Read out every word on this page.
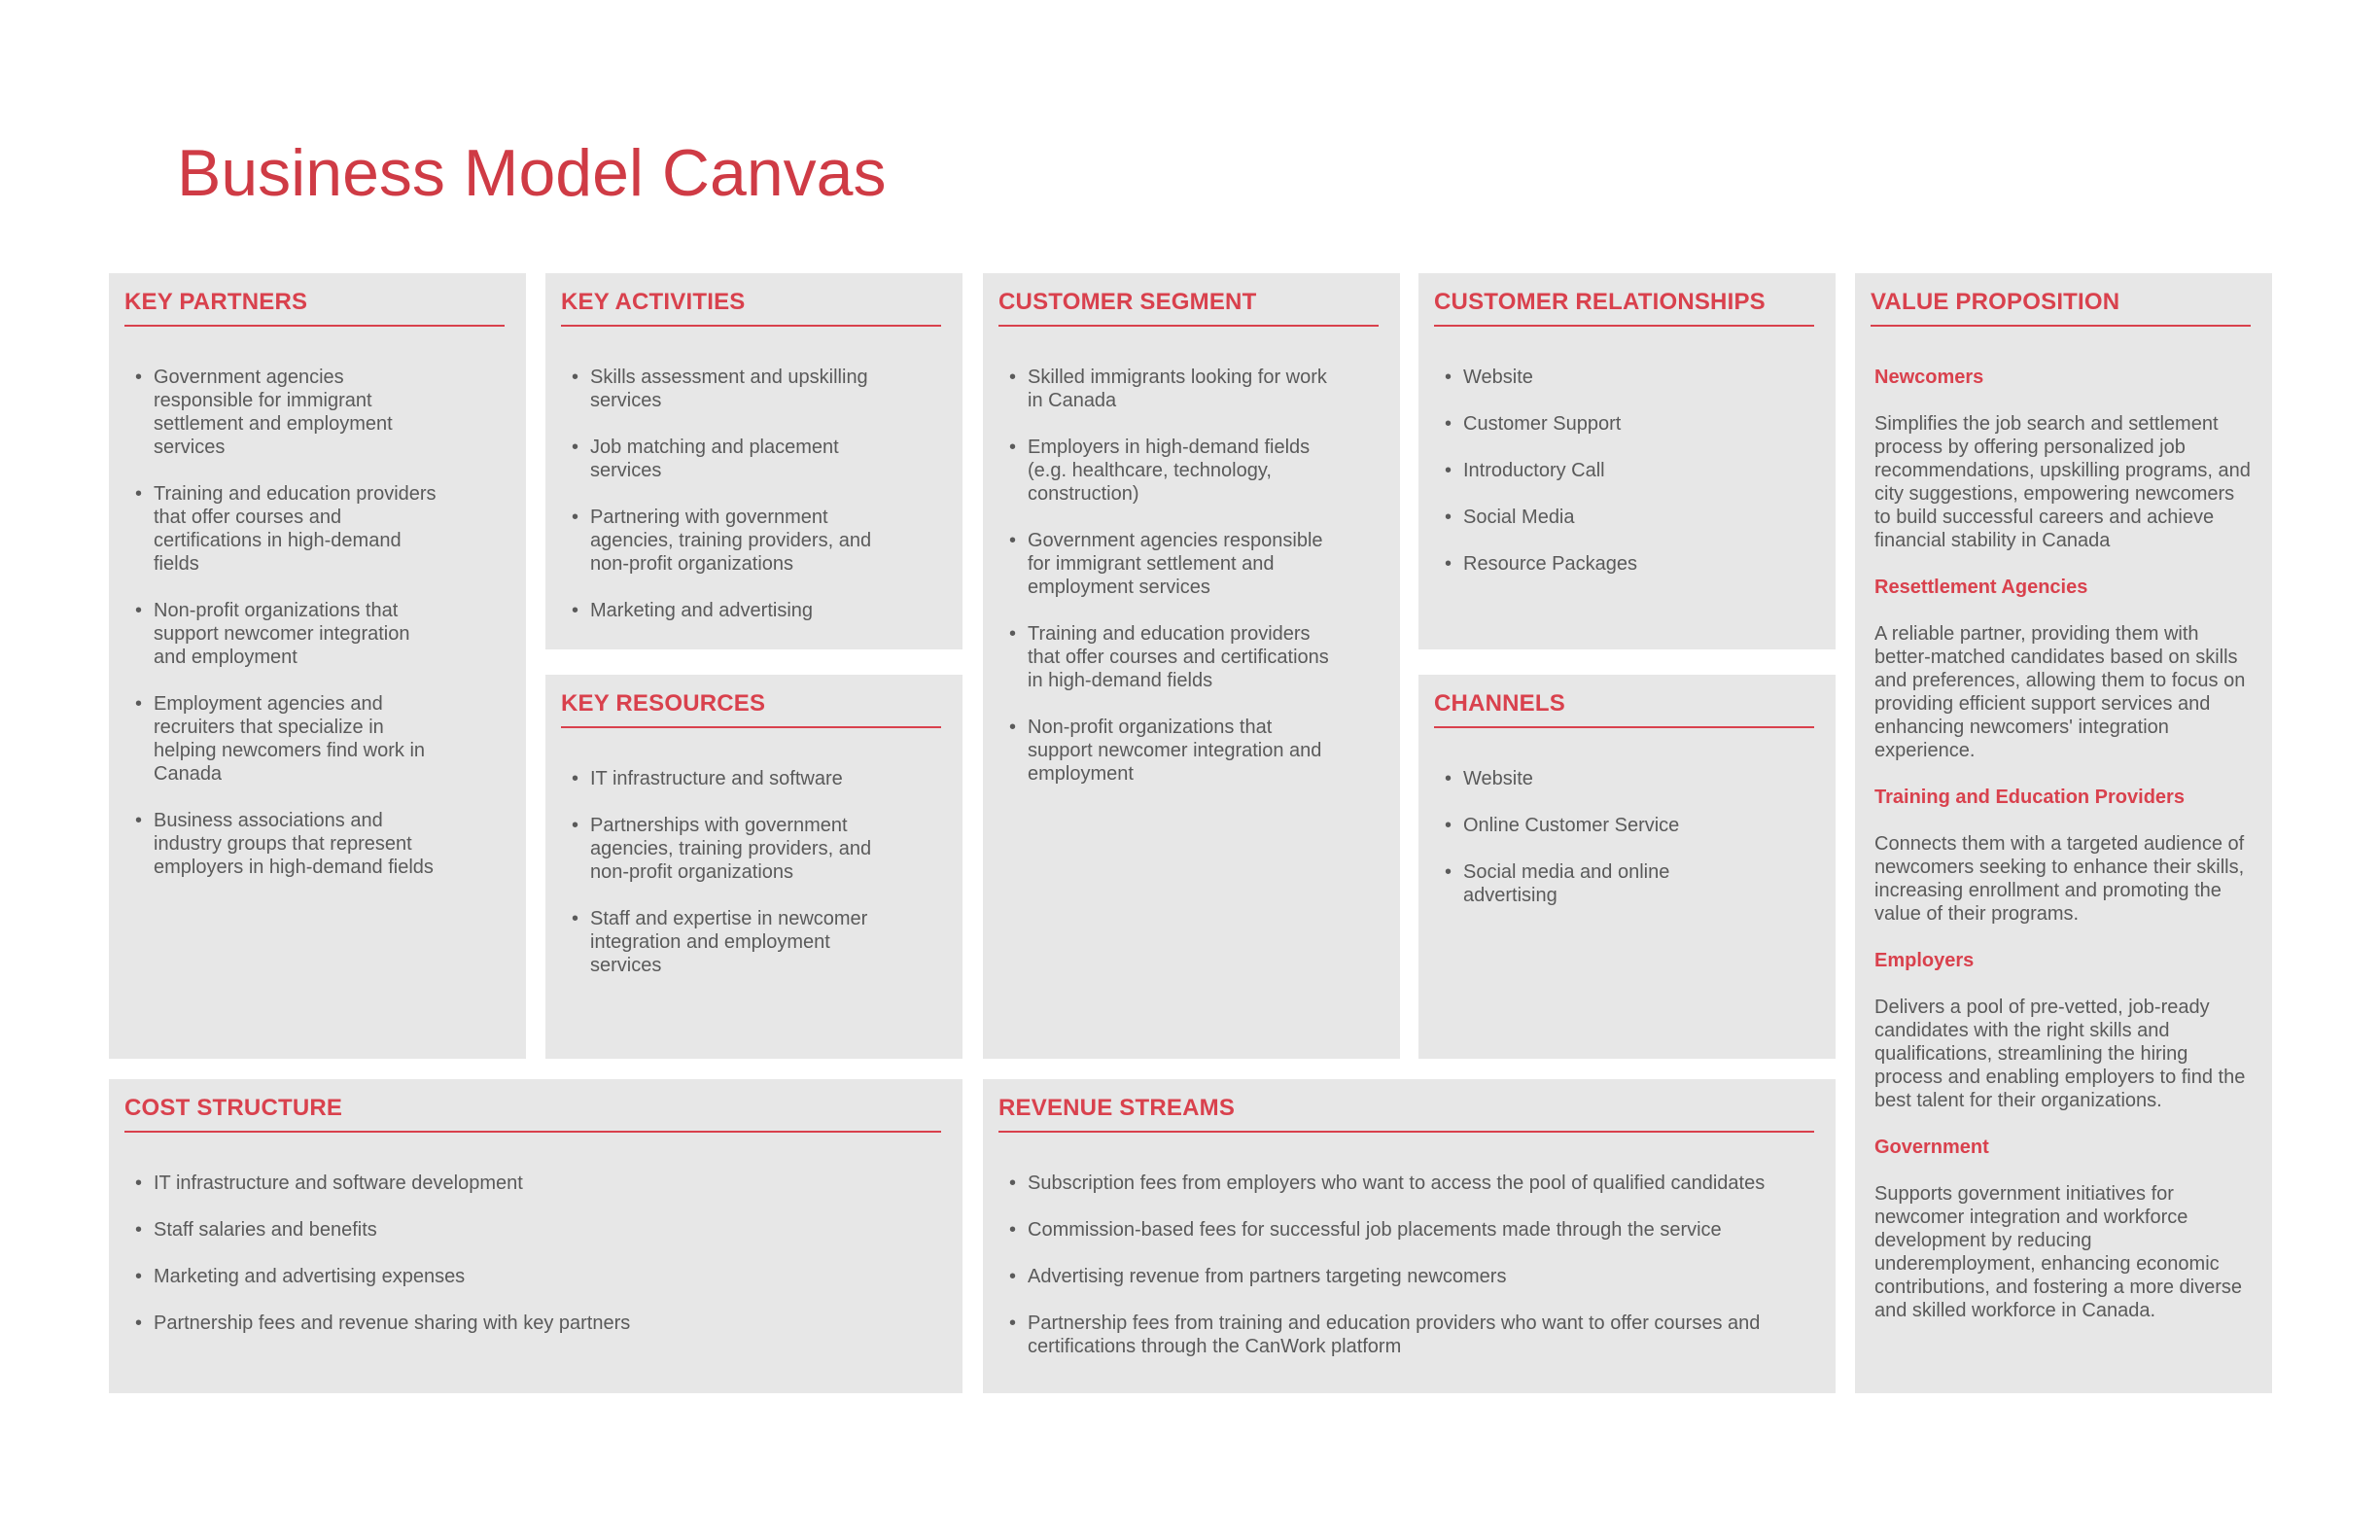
Business Model Canvas
KEY PARTNERS
• Government agencies responsible for immigrant settlement and employment services
• Training and education providers that offer courses and certifications in high-demand fields
• Non-profit organizations that support newcomer integration and employment
• Employment agencies and recruiters that specialize in helping newcomers find work in Canada
• Business associations and industry groups that represent employers in high-demand fields
KEY ACTIVITIES
• Skills assessment and upskilling services
• Job matching and placement services
• Partnering with government agencies, training providers, and non-profit organizations
• Marketing and advertising
KEY RESOURCES
• IT infrastructure and software
• Partnerships with government agencies, training providers, and non-profit organizations
• Staff and expertise in newcomer integration and employment services
CUSTOMER SEGMENT
• Skilled immigrants looking for work in Canada
• Employers in high-demand fields (e.g. healthcare, technology, construction)
• Government agencies responsible for immigrant settlement and employment services
• Training and education providers that offer courses and certifications in high-demand fields
• Non-profit organizations that support newcomer integration and employment
CUSTOMER RELATIONSHIPS
• Website
• Customer Support
• Introductory Call
• Social Media
• Resource Packages
CHANNELS
• Website
• Online Customer Service
• Social media and online advertising
VALUE PROPOSITION

Newcomers

Simplifies the job search and settlement process by offering personalized job recommendations, upskilling programs, and city suggestions, empowering newcomers to build successful careers and achieve financial stability in Canada

Resettlement Agencies

A reliable partner, providing them with better-matched candidates based on skills and preferences, allowing them to focus on providing efficient support services and enhancing newcomers' integration experience.

Training and Education Providers

Connects them with a targeted audience of newcomers seeking to enhance their skills, increasing enrollment and promoting the value of their programs.

Employers

Delivers a pool of pre-vetted, job-ready candidates with the right skills and qualifications, streamlining the hiring process and enabling employers to find the best talent for their organizations.

Government

Supports government initiatives for newcomer integration and workforce development by reducing underemployment, enhancing economic contributions, and fostering a more diverse and skilled workforce in Canada.

COST STRUCTURE
• IT infrastructure and software development
• Staff salaries and benefits
• Marketing and advertising expenses
• Partnership fees and revenue sharing with key partners
REVENUE STREAMS
• Subscription fees from employers who want to access the pool of qualified candidates
• Commission-based fees for successful job placements made through the service
• Advertising revenue from partners targeting newcomers
• Partnership fees from training and education providers who want to offer courses and certifications through the CanWork platform
